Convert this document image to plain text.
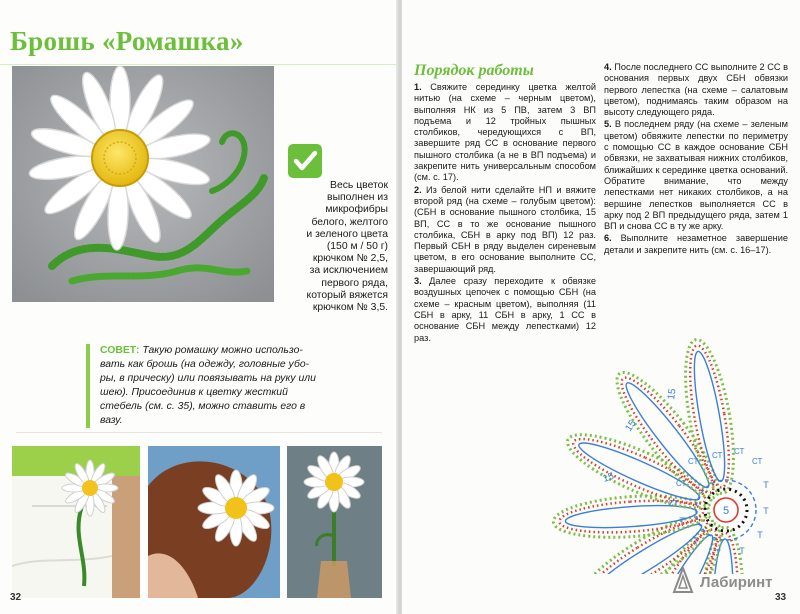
Брошь «Ромашка»

Весь цветок

выполнен из

микрофибры

белого, желтого

и зеленого цвета

(150 м / 50 г)

крючком № 2,5,

за исключением

первого ряда,

который вяжется

крючком № 3,5.

СОВЕТ: Такую ромашку можно использо-вать как брошь (на одежду, головные убо-ры, в прическу) или повязывать на руку или шею). Присоединив к цветку жесткий стебель (см. с. 35), можно ставить его в вазу.
32
Порядок работы

1. Свяжите серединку цветка желтой нитью (на схеме – черным цветом), выполняя НК из 5 ПВ, затем 3 ВП подъема и 12 тройных пышных столбиков, чередующихся с ВП, завершите ряд СС в основание первого пышного столбика (а не в ВП подъема) и закрепите нить универсальным способом (см. с. 17).

2. Из белой нити сделайте НП и вяжите второй ряд (на схеме – голубым цветом): (СБН в основание пышного столбика, 15 ВП, СС в то же основание пышного столбика, СБН в арку под ВП) 12 раз. Первый СБН в ряду выделен сиреневым цветом, в его основание выполните СС, завершающий ряд.

3. Далее сразу переходите к обвязке воздушных цепочек с помощью СБН (на схеме – красным цветом), выполняя (11 СБН в арку, 11 СБН в арку, 1 СС в основание СБН между лепестками) 12 раз.

4. После последнего СС выполните 2 СС в основания первых двух СБН обвязки первого лепестка (на схеме – салатовым цветом), поднимаясь таким образом на высоту следующего ряда.

5. В последнем ряду (на схеме – зеленым цветом) обвяжите лепестки по периметру с помощью СС в каждое основание СБН обвязки, не захватывая нижних столбиков, ближайших к серединке цветка оснований. Обратите внимание, что между лепестками нет никаких столбиков, а на вершине лепестков выполняется СС в арку под 2 ВП предыдущего ряда, затем 1 ВП и снова СС в ту же арку.

6. Выполните незаметное завершение детали и закрепите нить (см. с. 16–17).

5
15
15
15
СТ
СТ
СТ СТ
СТ
СТ
T
T
T
T
T
T
T
33
Лабиринт
